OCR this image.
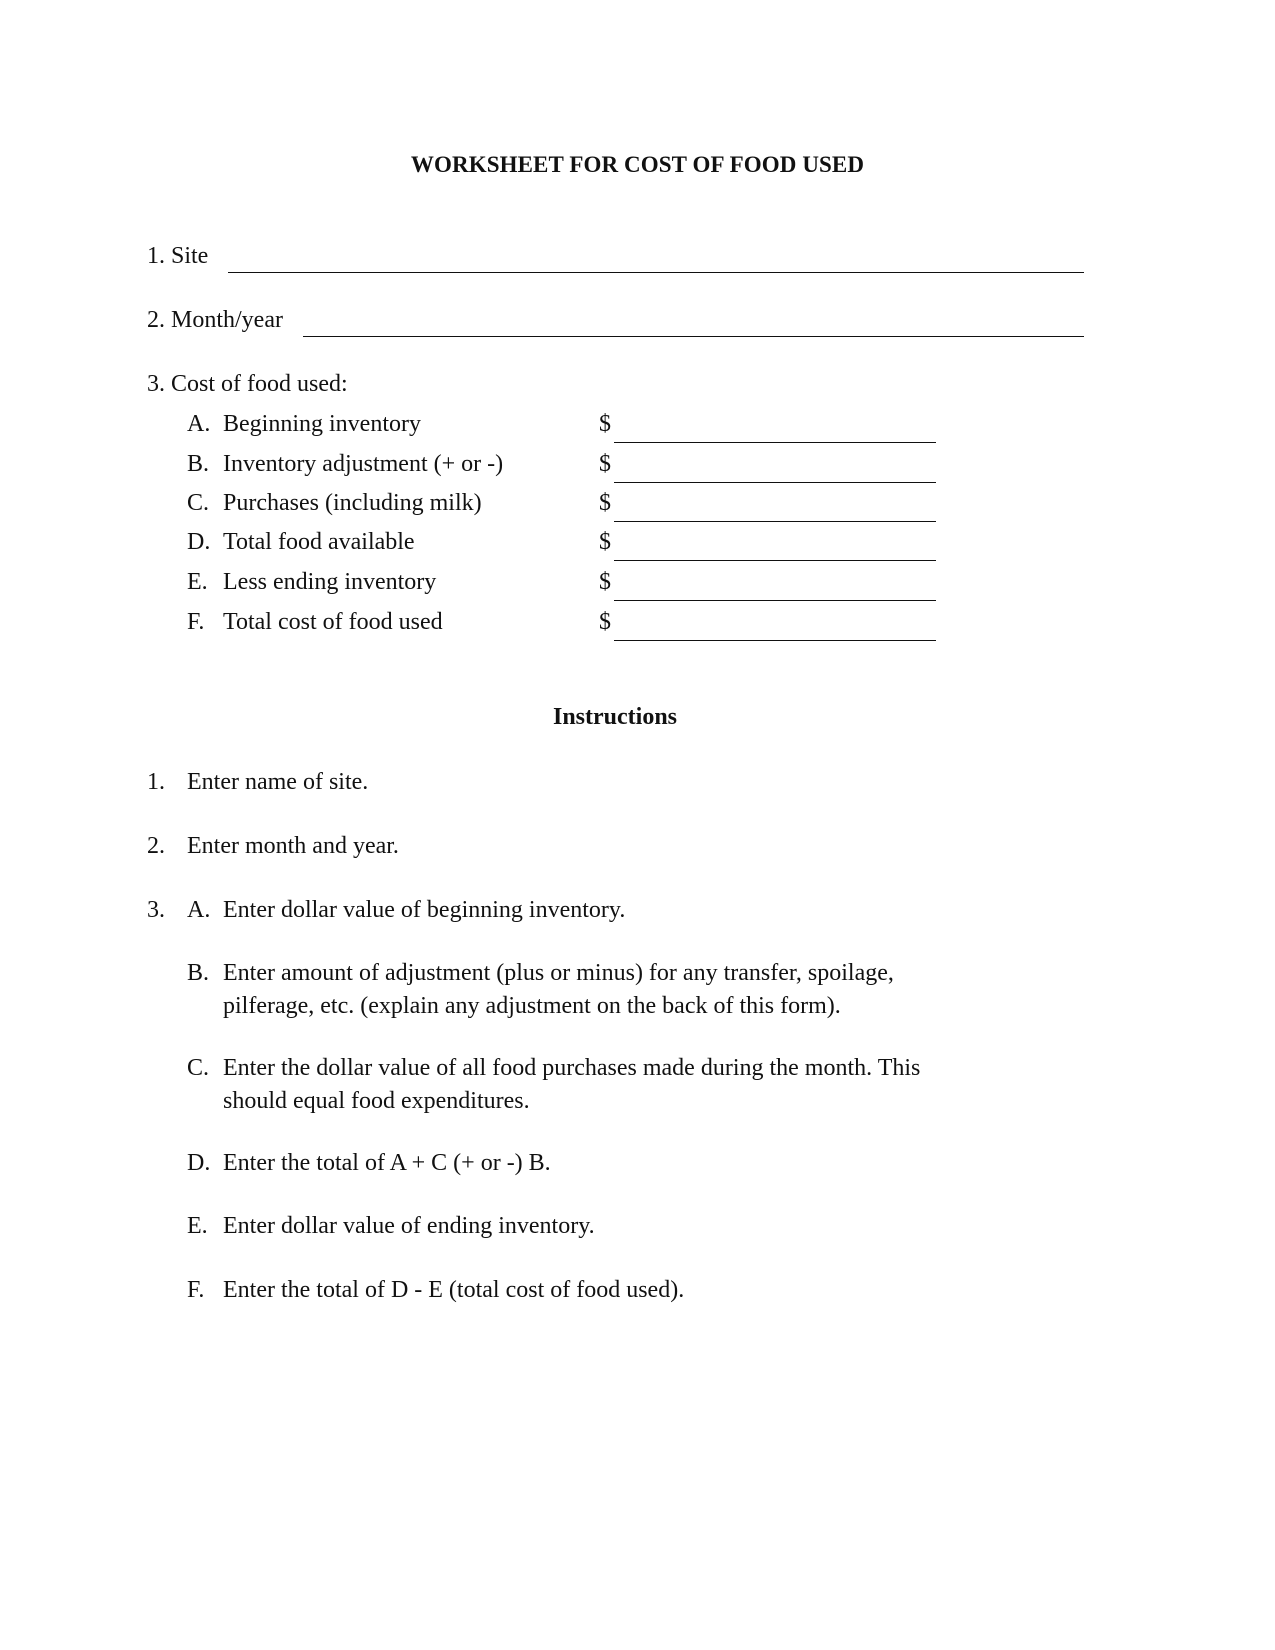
WORKSHEET FOR COST OF FOOD USED
1. Site
2. Month/year
3. Cost of food used:
A. Beginning inventory	$
B. Inventory adjustment (+ or -)	$
C. Purchases (including milk)	$
D. Total food available	$
E. Less ending inventory	$
F. Total cost of food used	$
Instructions
1. Enter name of site.
2. Enter month and year.
3. A. Enter dollar value of beginning inventory.
B. Enter amount of adjustment (plus or minus) for any transfer, spoilage,
pilferage, etc. (explain any adjustment on the back of this form).
C. Enter the dollar value of all food purchases made during the month. This
should equal food expenditures.
D. Enter the total of A + C (+ or -) B.
E. Enter dollar value of ending inventory.
F. Enter the total of D - E (total cost of food used).
